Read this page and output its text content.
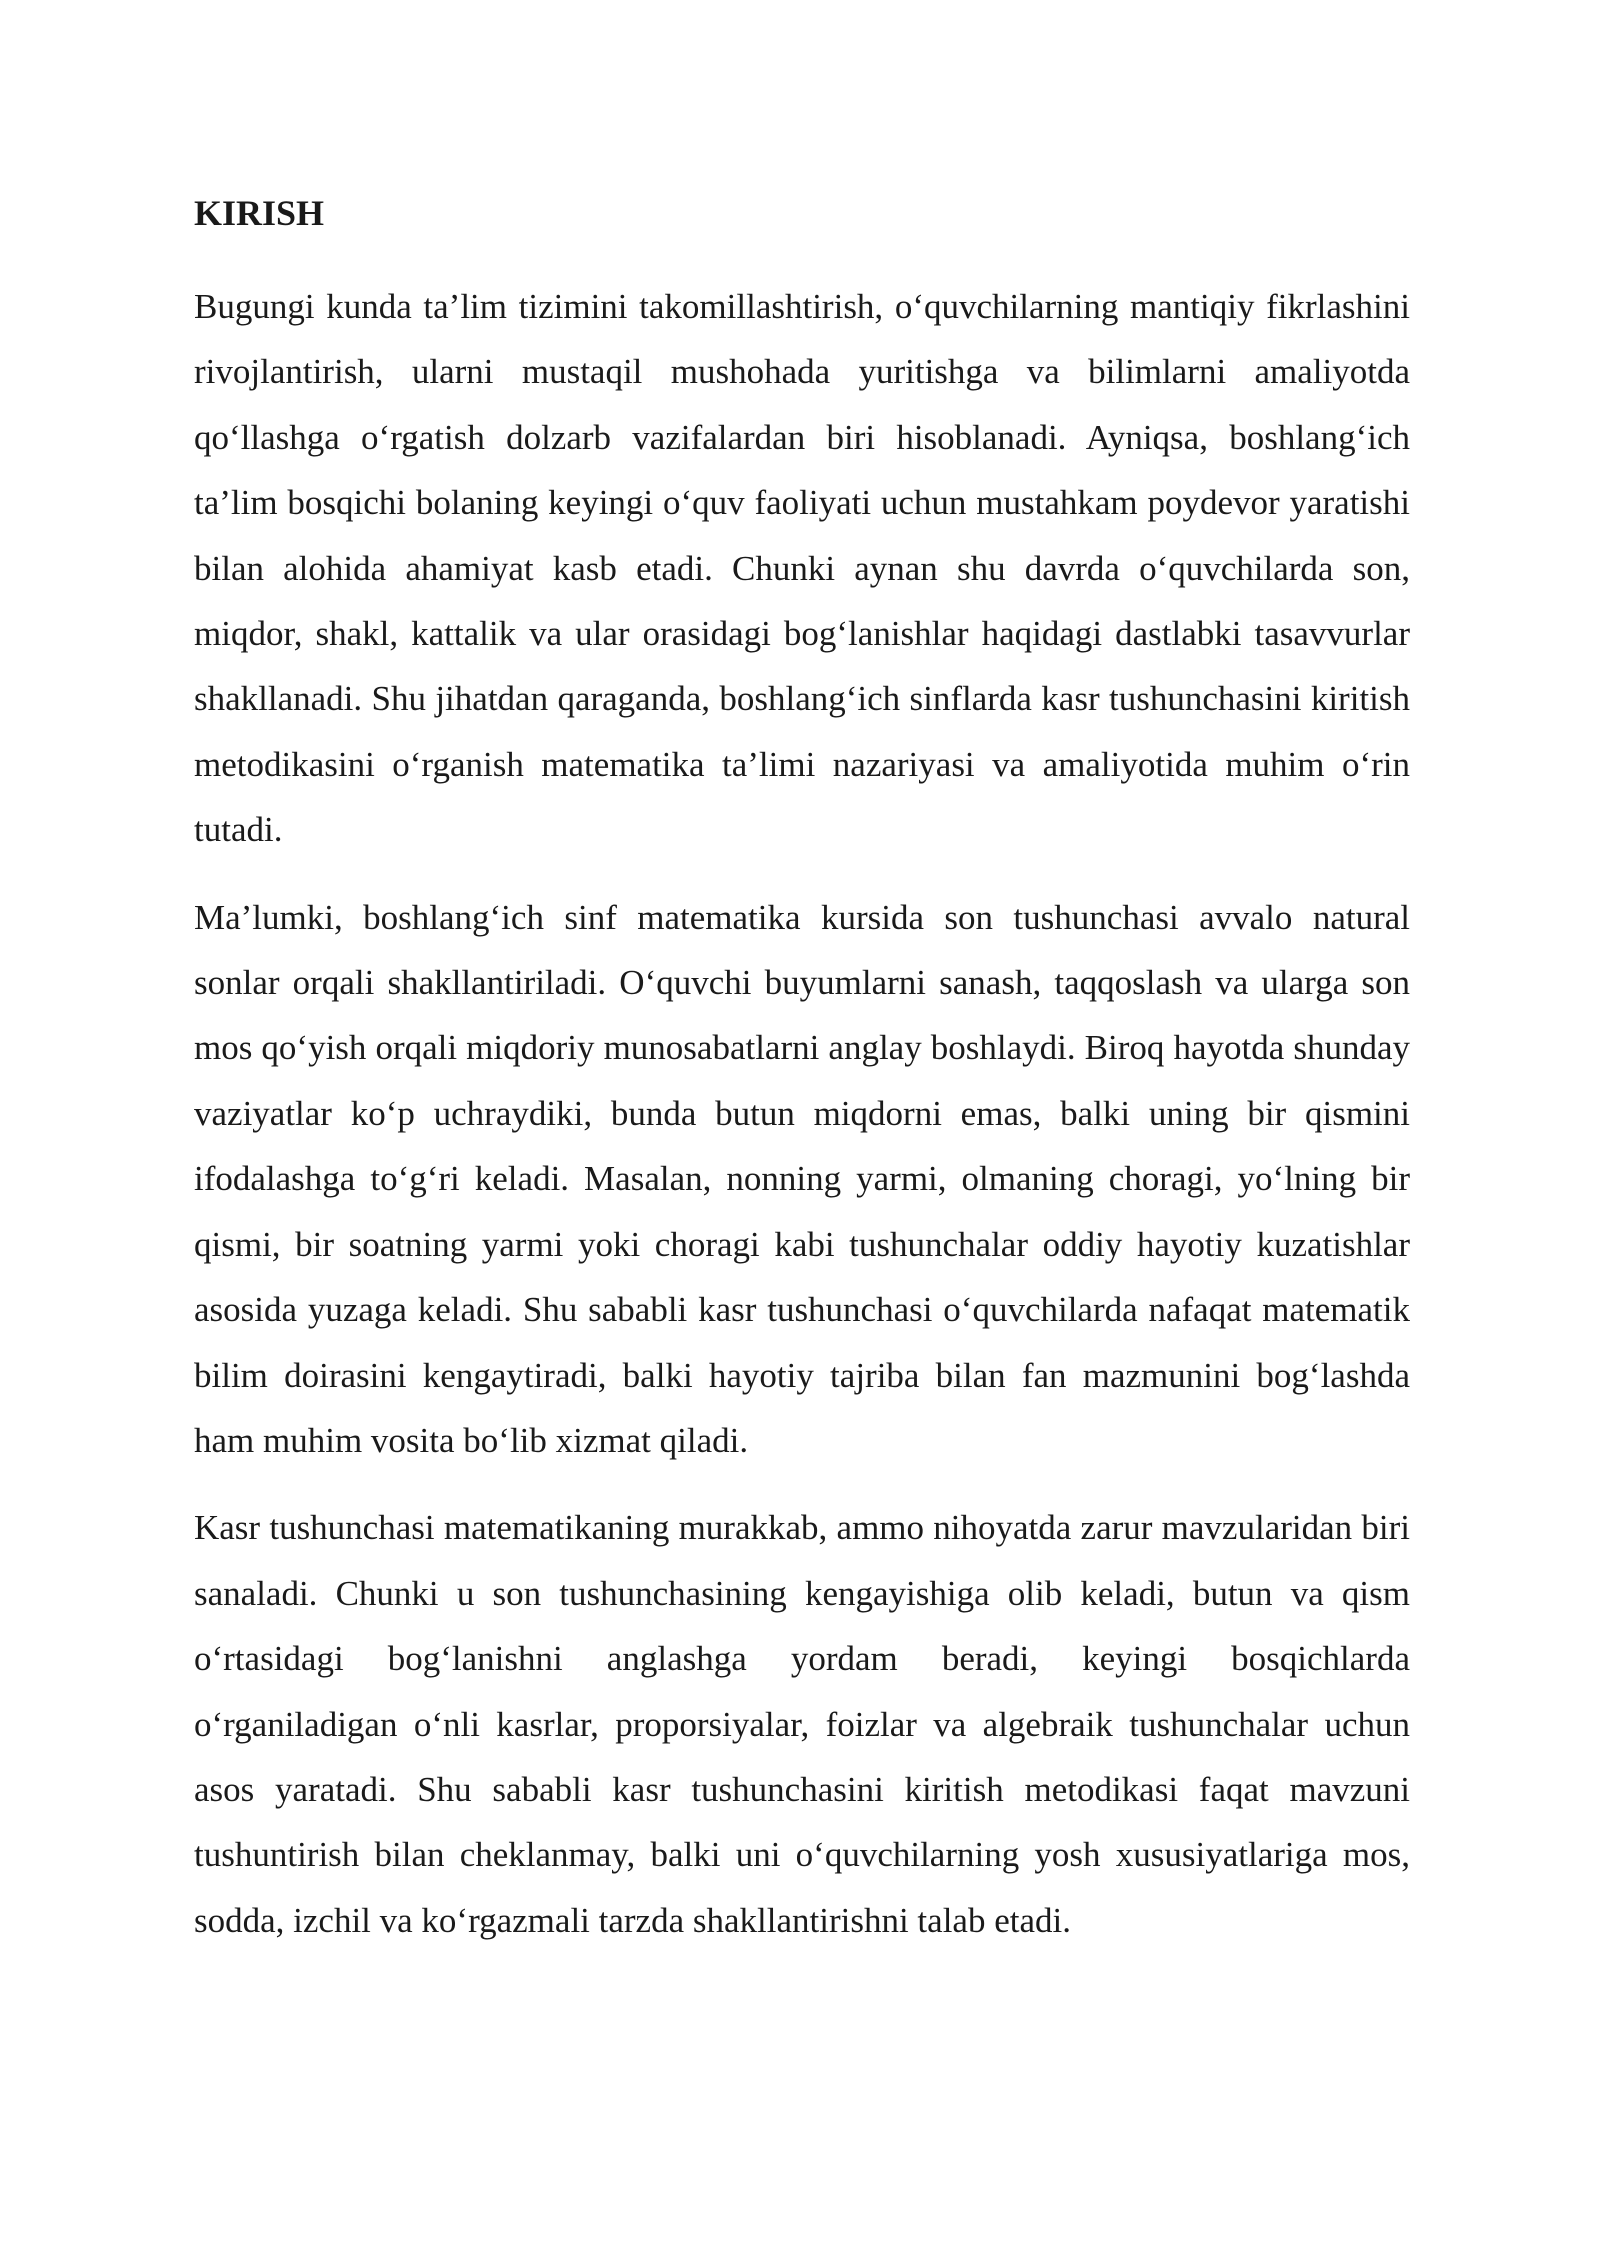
KIRISH

Bugungi kunda ta’lim tizimini takomillashtirish, o‘quvchilarning mantiqiy fikrlashini rivojlantirish, ularni mustaqil mushohada yuritishga va bilimlarni amaliyotda qo‘llashga o‘rgatish dolzarb vazifalardan biri hisoblanadi. Ayniqsa, boshlang‘ich ta’lim bosqichi bolaning keyingi o‘quv faoliyati uchun mustahkam poydevor yaratishi bilan alohida ahamiyat kasb etadi. Chunki aynan shu davrda o‘quvchilarda son, miqdor, shakl, kattalik va ular orasidagi bog‘lanishlar haqidagi dastlabki tasavvurlar shakllanadi. Shu jihatdan qaraganda, boshlang‘ich sinflarda kasr tushunchasini kiritish metodikasini o‘rganish matematika ta’limi nazariyasi va amaliyotida muhim o‘rin tutadi.

Ma’lumki, boshlang‘ich sinf matematika kursida son tushunchasi avvalo natural sonlar orqali shakllantiriladi. O‘quvchi buyumlarni sanash, taqqoslash va ularga son mos qo‘yish orqali miqdoriy munosabatlarni anglay boshlaydi. Biroq hayotda shunday vaziyatlar ko‘p uchraydiki, bunda butun miqdorni emas, balki uning bir qismini ifodalashga to‘g‘ri keladi. Masalan, nonning yarmi, olmaning choragi, yo‘lning bir qismi, bir soatning yarmi yoki choragi kabi tushunchalar oddiy hayotiy kuzatishlar asosida yuzaga keladi. Shu sababli kasr tushunchasi o‘quvchilarda nafaqat matematik bilim doirasini kengaytiradi, balki hayotiy tajriba bilan fan mazmunini bog‘lashda ham muhim vosita bo‘lib xizmat qiladi.

Kasr tushunchasi matematikaning murakkab, ammo nihoyatda zarur mavzularidan biri sanaladi. Chunki u son tushunchasining kengayishiga olib keladi, butun va qism o‘rtasidagi bog‘lanishni anglashga yordam beradi, keyingi bosqichlarda o‘rganiladigan o‘nli kasrlar, proporsiyalar, foizlar va algebraik tushunchalar uchun asos yaratadi. Shu sababli kasr tushunchasini kiritish metodikasi faqat mavzuni tushuntirish bilan cheklanmay, balki uni o‘quvchilarning yosh xususiyatlariga mos, sodda, izchil va ko‘rgazmali tarzda shakllantirishni talab etadi.
